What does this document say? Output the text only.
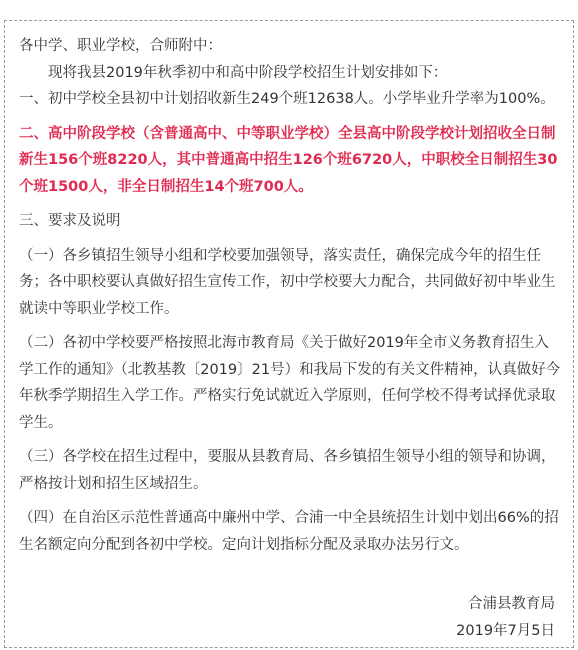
各中学、职业学校，合师附中：

现将我县2019年秋季初中和高中阶段学校招生计划安排如下：

一、初中学校全县初中计划招收新生249个班12638人。小学毕业升学率为100%。

二、高中阶段学校（含普通高中、中等职业学校）全县高中阶段学校计划招收全日制新生156个班8220人，其中普通高中招生126个班6720人，中职校全日制招生30个班1500人，非全日制招生14个班700人。

三、要求及说明

（一）各乡镇招生领导小组和学校要加强领导，落实责任，确保完成今年的招生任务；各中职校要认真做好招生宣传工作，初中学校要大力配合，共同做好初中毕业生就读中等职业学校工作。

（二）各初中学校要严格按照北海市教育局《关于做好2019年全市义务教育招生入学工作的通知》（北教基教〔2019〕21号）和我局下发的有关文件精神，认真做好今年秋季学期招生入学工作。严格实行免试就近入学原则，任何学校不得考试择优录取学生。

（三）各学校在招生过程中，要服从县教育局、各乡镇招生领导小组的领导和协调，严格按计划和招生区域招生。

（四）在自治区示范性普通高中廉州中学、合浦一中全县统招生计划中划出66%的招生名额定向分配到各初中学校。定向计划指标分配及录取办法另行文。

合浦县教育局

2019年7月5日
